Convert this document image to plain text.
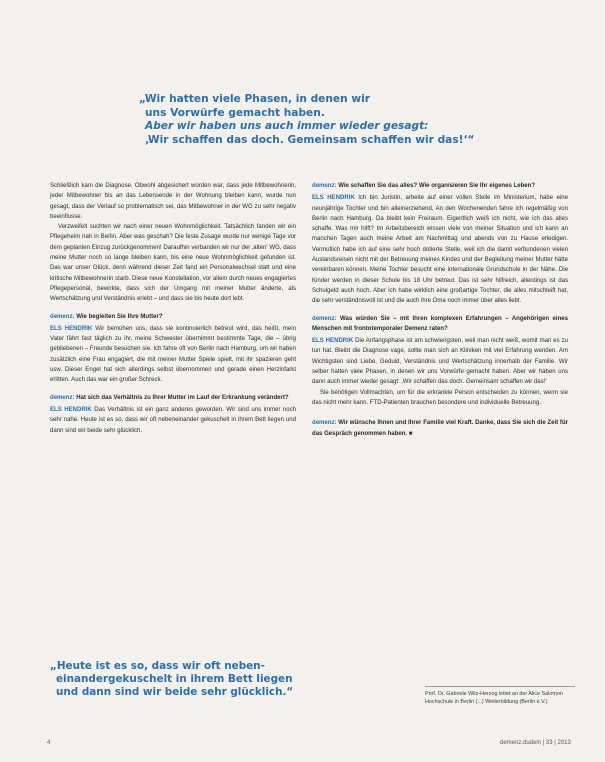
„Wir hatten viele Phasen, in denen wir
uns Vorwürfe gemacht haben.
Aber wir haben uns auch immer wieder gesagt:
‚Wir schaffen das doch. Gemeinsam schaffen wir das!‘“

Schließlich kam die Diagnose. Obwohl abgesichert worden war, dass jede Mitbewohnerin, jeder Mitbewohner bis an das Lebensende in der Wohnung bleiben kann, wurde nun gesagt, dass der Verlauf so problematisch sei, das Mitbewohner in der WG zu sehr negativ beeinflusse.

Verzweifelt suchten wir nach einer neuen Wohnmöglichkeit. Tatsächlich fanden wir ein Pflegeheim nah in Berlin. Aber was geschah? Die feste Zusage wurde nur wenige Tage vor dem geplanten Einzug zurückgenommen! Daraufhin verbanden wir nur der ‚alten‘ WG, dass meine Mutter noch so lange bleiben kann, bis eine neue Wohnmöglichkeit gefunden ist. Das war unser Glück, denn während dieser Zeit fand ein Personalwechsel statt und eine kritische Mitbewohnerin starb. Diese neue Konstellation, vor allem durch neues engagiertes Pflegepersonal, bewirkte, dass sich der Umgang mit meiner Mutter änderte, als Wertschätzung und Verständnis erlebt – und dass sie bis heute dort lebt.

demenz: Wie begleiten Sie Ihre Mutter?
ELS HENDRIK Wir bemühen uns, dass sie kontinuierlich betreut wird, das heißt, mein Vater fährt fast täglich zu ihr, meine Schwester übernimmt bestimmte Tage, die – übrig gebliebenen – Freunde besuchen sie. Ich fahre oft von Berlin nach Hamburg, um wir haben zusätzlich eine Frau engagiert, die mit meiner Mutter Spiele spielt, mit ihr spazieren geht usw. Dieser Engel hat sich allerdings selbst übernommen und gerade einen Herzinfarkt erlitten. Auch das war ein großer Schreck.
demenz: Hat sich das Verhältnis zu Ihrer Mutter im Lauf der Erkrankung verändert?
ELS HENDRIK Das Verhältnis ist ein ganz anderes geworden. Wir sind uns immer noch sehr nahe. Heute ist es so, dass wir oft nebeneinander gekuschelt in ihrem Bett liegen und dann sind wir beide sehr glücklich.
demenz: Wie schaffen Sie das alles? Wie organisieren Sie Ihr eigenes Leben?
ELS HENDRIK Ich bin Juristin, arbeite auf einer vollen Stelle im Ministerium, habe eine neunjährige Tochter und bin alleinerziehend. An den Wochenenden fahre ich regelmäßig von Berlin nach Hamburg. Da bleibt kein Freiraum. Eigentlich weiß ich nicht, wie ich das alles schaffe. Was mir hilft? Im Arbeitsbereich wissen viele von meiner Situation und ich kann an manchen Tagen auch meine Arbeit am Nachmittag und abends von zu Hause erledigen. Vermutlich habe ich auf eine sehr hoch dotierte Stelle, weil ich die damit verbundenen vielen Auslandsreisen nicht mit der Betreuung meines Kindes und der Begleitung meiner Mutter hätte vereinbaren können. Meine Tochter besucht eine internationale Grundschule in der Nähe. Die Kinder werden in dieser Schule bis 18 Uhr betreut. Das ist sehr hilfreich, allerdings ist das Schulgeld auch hoch. Aber ich habe wirklich eine großartige Tochter, die alles mitschleift hat, die sehr verständnisvoll ist und die auch ihre Oma noch immer über alles liebt.
demenz: Was würden Sie – mit Ihren komplexen Erfahrungen – Angehörigen eines Menschen mit frontotemporaler Demenz raten?
ELS HENDRIK Die Anfangsphase ist am schwierigsten, weil man nicht weiß, womit man es zu tun hat. Bleibt die Diagnose vage, sollte man sich an Kliniken mit viel Erfahrung wenden. Am Wichtigsten sind Liebe, Geduld, Verständnis und Wertschätzung innerhalb der Familie. Wir selber hatten viele Phasen, in denen wir uns Vorwürfe gemacht haben. Aber wir haben uns dann auch immer wieder gesagt: ‚Wir schaffen das doch. Gemeinsam schaffen wir das!‘

Sie benötigen Vollmachten, um für die erkrankte Person entscheiden zu können, wenn sie das nicht mehr kann. FTD-Patienten brauchen besondere und individuelle Betreuung.

demenz: Wir wünsche Ihnen und Ihrer Familie viel Kraft. Danke, dass Sie sich die Zeit für das Gespräch genommen haben. ■
„Heute ist es so, dass wir oft neben-
einandergekuschelt in ihrem Bett liegen
und dann sind wir beide sehr glücklich.“	Prof. Dr. Gabriele Wilz-Herzog leitet an der Alice Salomon Hochschule in Berlin (...) Weiterbildung (Berlin e.V.)
4	demenz.dudeln | 33 | 2013
